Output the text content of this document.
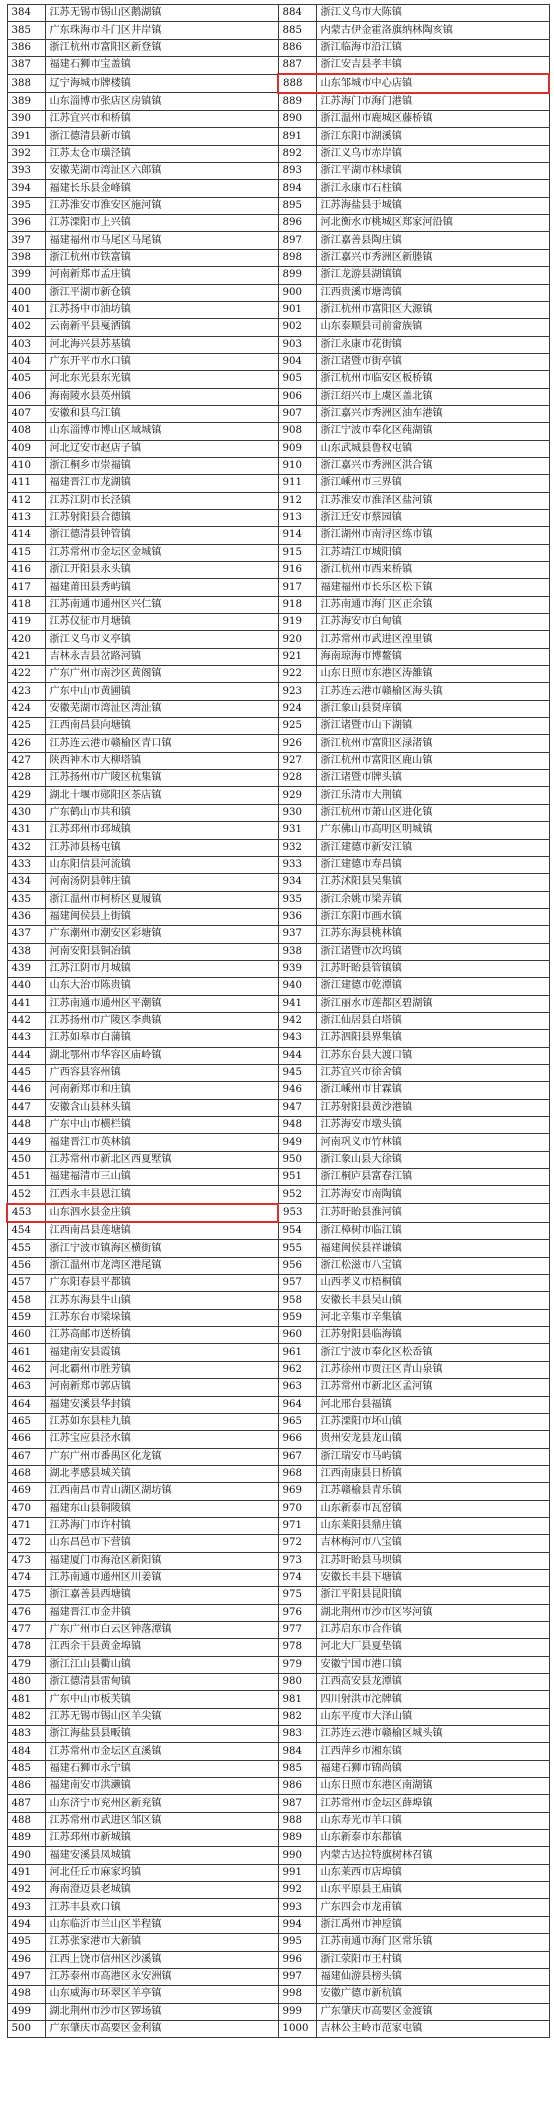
384	江苏无锡市锡山区鹅湖镇	884	浙江义乌市大陈镇
385	广东珠海市斗门区井岸镇	885	内蒙古伊金霍洛旗纳林陶亥镇
386	浙江杭州市富阳区新登镇	886	浙江临海市沿江镇
387	福建石狮市宝盖镇	887	浙江安吉县孝丰镇
388	辽宁海城市牌楼镇	888	山东邹城市中心店镇
389	山东淄博市张店区房镇镇	889	江苏海门市海门港镇
390	江苏宜兴市和桥镇	890	浙江温州市鹿城区藤桥镇
391	浙江德清县新市镇	891	浙江东阳市湖溪镇
392	江苏太仓市璜泾镇	892	浙江义乌市赤岸镇
393	安徽芜湖市湾沚区六郎镇	893	浙江平湖市林埭镇
394	福建长乐县金峰镇	894	浙江永康市石柱镇
395	江苏淮安市淮安区施河镇	895	江苏海盐县于城镇
396	江苏溧阳市上兴镇	896	河北衡水市桃城区郑家河沿镇
397	福建福州市马尾区马尾镇	897	浙江嘉善县陶庄镇
398	浙江杭州市铁富镇	898	浙江嘉兴市秀洲区新塍镇
399	河南新郑市孟庄镇	899	浙江龙游县湖镇镇
400	浙江平湖市新仓镇	900	江西贵溪市塘湾镇
401	江苏扬中市油坊镇	901	浙江杭州市富阳区大源镇
402	云南新平县戛洒镇	902	山东泰顺县司前畲族镇
403	河北海兴县苏基镇	903	浙江永康市花街镇
404	广东开平市水口镇	904	浙江诸暨市街亭镇
405	河北东光县东光镇	905	浙江杭州市临安区板桥镇
406	海南陵水县英州镇	906	浙江绍兴市上虞区盖北镇
407	安徽和县乌江镇	907	浙江嘉兴市秀洲区油车港镇
408	山东淄博市博山区域城镇	908	浙江宁波市奉化区莼湖镇
409	河北辽安市赵店子镇	909	山东武城县鲁权屯镇
410	浙江桐乡市崇福镇	910	浙江嘉兴市秀洲区洪合镇
411	福建晋江市龙湖镇	911	浙江嵊州市三界镇
412	江苏江阴市长泾镇	912	江苏淮安市淮泽区盐河镇
413	江苏射阳县合德镇	913	浙江迁安市蔡园镇
414	浙江德清县钟管镇	914	浙江湖州市南浔区练市镇
415	江苏常州市金坛区金城镇	915	江苏靖江市城阳镇
416	浙江开阳县永头镇	916	浙江杭州市西来桥镇
417	福建莆田县秀屿镇	917	福建福州市长乐区松下镇
418	江苏南通市通州区兴仁镇	918	江苏南通市海门区正余镇
419	江苏仪征市月塘镇	919	江苏海安市白甸镇
420	浙江义乌市义亭镇	920	江苏常州市武进区湟里镇
421	吉林永吉县岔路河镇	921	海南琼海市博鳌镇
422	广东广州市南沙区黄阁镇	922	山东日照市东港区涛雒镇
423	广东中山市黄圃镇	923	江苏连云港市赣榆区海头镇
424	安徽芜湖市湾沚区湾沚镇	924	浙江象山县贤庠镇
425	江西南昌县向塘镇	925	浙江诸暨市山下湖镇
426	江苏连云港市赣榆区青口镇	926	浙江杭州市富阳区渌渚镇
427	陕西神木市大柳塔镇	927	浙江杭州市富阳区鹿山镇
428	江苏扬州市广陵区杭集镇	928	浙江诸暨市牌头镇
429	湖北十堰市郧阳区茶店镇	929	浙江乐清市大荆镇
430	广东鹤山市共和镇	930	浙江杭州市萧山区进化镇
431	江苏邳州市邳城镇	931	广东佛山市高明区明城镇
432	江苏沛县杨屯镇	932	浙江建德市新安江镇
433	山东阳信县河流镇	933	浙江建德市寿昌镇
434	河南汤阴县韩庄镇	934	江苏沭阳县吴集镇
435	浙江温州市柯桥区夏履镇	935	浙江余姚市梁弄镇
436	福建闽侯县上街镇	936	浙江东阳市画水镇
437	广东潮州市潮安区彩塘镇	937	江苏东海县桃林镇
438	河南安阳县铜冶镇	938	浙江诸暨市次坞镇
439	江苏江阴市月城镇	939	江苏盱眙县管镇镇
440	山东大治市陈贵镇	940	浙江建德市乾潭镇
441	江苏南通市通州区平潮镇	941	浙江丽水市莲都区碧湖镇
442	江苏扬州市广陵区李典镇	942	浙江仙居县白塔镇
443	江苏如皋市白蒲镇	943	江苏泗阳县界集镇
444	湖北鄂州市华容区庙岭镇	944	江苏东台县大渡口镇
445	广西容县容州镇	945	江苏宜兴市徐舍镇
446	河南新郑市和庄镇	946	浙江嵊州市甘霖镇
447	安徽含山县林头镇	947	江苏射阳县黄沙港镇
448	广东中山市横栏镇	948	江苏海安市墩头镇
449	福建晋江市英林镇	949	河南巩义市竹林镇
450	江苏常州市新北区西夏墅镇	950	浙江象山县大徐镇
451	福建福清市三山镇	951	浙江桐庐县富春江镇
452	江西永丰县恩江镇	952	江苏海安市南陶镇
453	山东泗水县金庄镇	953	江苏盱眙县淮河镇
454	江西南昌县莲塘镇	954	浙江樟树市临江镇
455	浙江宁波市镇海区横街镇	955	福建闽侯县祥谦镇
456	浙江温州市龙湾区港尾镇	956	浙江松滋市八宝镇
457	广东阳春县平都镇	957	山西孝义市梧桐镇
458	江苏东海县牛山镇	958	安徽长丰县吴山镇
459	江苏东台市梁垛镇	959	河北辛集市辛集镇
460	江苏高邮市送桥镇	960	江苏射阳县临海镇
461	福建南安县霞镇	961	浙江宁波市奉化区松岙镇
462	河北霸州市胜芳镇	962	江苏徐州市贾汪区青山泉镇
463	河南新郑市郭店镇	963	江苏常州市新北区孟河镇
464	福建安溪县华封镇	964	河北邢台县福镇
465	江苏如东县桂九镇	965	江苏溧阳市坏山镇
466	江苏宝应县泾水镇	966	贵州安龙县龙山镇
467	广东广州市番禺区化龙镇	967	浙江瑞安市马屿镇
468	湖北孝感县城关镇	968	江西南康县日桥镇
469	江西南昌市青山湖区湖坊镇	969	江苏赣榆县青乐镇
470	福建东山县铜陵镇	970	山东新泰市瓦窑镇
471	江苏海门市许村镇	971	山东莱阳县鼎庄镇
472	山东昌邑市下营镇	972	吉林梅河市八宝镇
473	福建厦门市海沧区新阳镇	973	江苏盱眙县马坝镇
474	江苏南通市通州区川姜镇	974	安徽长丰县下塘镇
475	浙江嘉善县西塘镇	975	浙江平阳县昆阳镇
476	福建晋江市金井镇	976	湖北荆州市沙市区岑河镇
477	广东广州市白云区钟落潭镇	977	江苏启东市合作镇
478	江西余干县黄金埠镇	978	河北大厂县夏垫镇
479	浙江江山县衢山镇	979	安徽宁国市港口镇
480	浙江德清县雷甸镇	980	江西高安县龙潭镇
481	广东中山市板芙镇	981	四川射洪市沱牌镇
482	江苏无锡市锡山区羊尖镇	982	山东平度市大泽山镇
483	浙江海盐县县畈镇	983	江苏连云港市赣榆区城头镇
484	江苏常州市金坛区直溪镇	984	江西萍乡市湘东镇
485	福建石狮市永宁镇	985	福建石狮市锦尚镇
486	福建南安市洪濑镇	986	山东日照市东港区南湖镇
487	山东济宁市兖州区新兖镇	987	江苏常州市金坛区薛埠镇
488	江苏常州市武进区邹区镇	988	山东寿光市羊口镇
489	江苏邳州市新城镇	989	山东新泰市东都镇
490	福建安溪县凤城镇	990	内蒙古达拉特旗树林召镇
491	河北任丘市麻家坞镇	991	山东莱西市店埠镇
492	海南澄迈县老城镇	992	山东平原县王庙镇
493	江苏丰县欢口镇	993	广东四会市龙甫镇
494	山东临沂市兰山区半程镇	994	浙江禹州市神垕镇
495	江苏张家港市大新镇	995	江苏南通市海门区常乐镇
496	江西上饶市信州区沙溪镇	996	浙江荥阳市王村镇
497	江苏泰州市高港区永安洲镇	997	福建仙游县榜头镇
498	山东威海市环翠区羊亭镇	998	安徽广德市新杭镇
499	湖北荆州市沙市区锣场镇	999	广东肇庆市高要区金渡镇
500	广东肇庆市高要区金利镇	1000	吉林公主岭市范家屯镇
